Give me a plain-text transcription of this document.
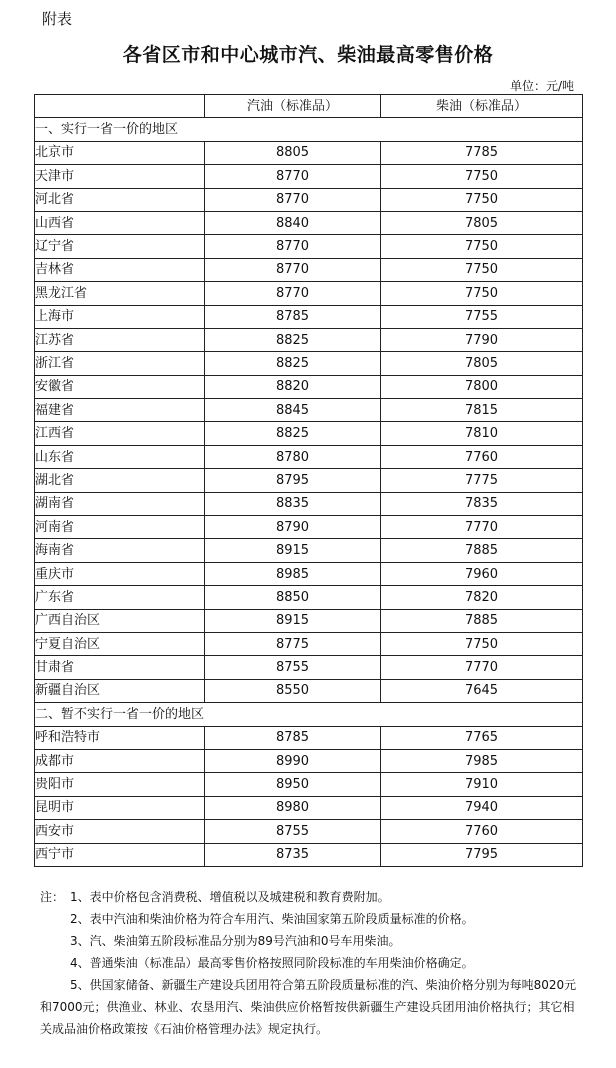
附表
各省区市和中心城市汽、柴油最高零售价格
单位：元/吨
	汽油（标准品）	柴油（标准品）
一、实行一省一价的地区		
北京市	8805	7785
天津市	8770	7750
河北省	8770	7750
山西省	8840	7805
辽宁省	8770	7750
吉林省	8770	7750
黑龙江省	8770	7750
上海市	8785	7755
江苏省	8825	7790
浙江省	8825	7805
安徽省	8820	7800
福建省	8845	7815
江西省	8825	7810
山东省	8780	7760
湖北省	8795	7775
湖南省	8835	7835
河南省	8790	7770
海南省	8915	7885
重庆市	8985	7960
广东省	8850	7820
广西自治区	8915	7885
宁夏自治区	8775	7750
甘肃省	8755	7770
新疆自治区	8550	7645
二、暂不实行一省一价的地区		
呼和浩特市	8785	7765
成都市	8990	7985
贵阳市	8950	7910
昆明市	8980	7940
西安市	8755	7760
西宁市	8735	7795
注： 1、表中价格包含消费税、增值税以及城建税和教育费附加。
2、表中汽油和柴油价格为符合车用汽、柴油国家第五阶段质量标准的价格。
3、汽、柴油第五阶段标准品分别为89号汽油和0号车用柴油。
4、普通柴油（标准品）最高零售价格按照同阶段标准的车用柴油价格确定。
5、供国家储备、新疆生产建设兵团用符合第五阶段质量标准的汽、柴油价格分别为每吨8020元和7000元；供渔业、林业、农垦用汽、柴油供应价格暂按供新疆生产建设兵团用油价格执行；其它相关成品油价格政策按《石油价格管理办法》规定执行。
